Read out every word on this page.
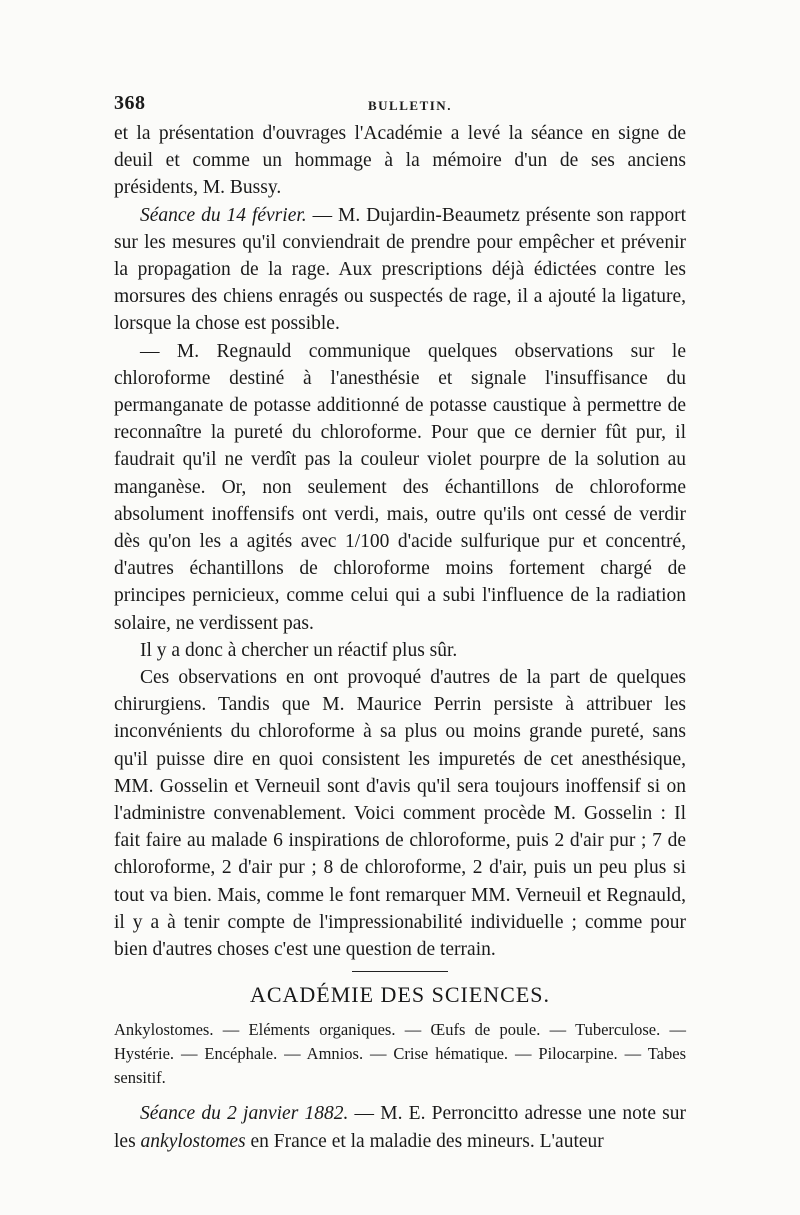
368	BULLETIN.

et la présentation d'ouvrages l'Académie a levé la séance en signe de deuil et comme un hommage à la mémoire d'un de ses anciens présidents, M. Bussy.

Séance du 14 février. — M. Dujardin-Beaumetz présente son rapport sur les mesures qu'il conviendrait de prendre pour empêcher et prévenir la propagation de la rage. Aux prescriptions déjà édictées contre les morsures des chiens enragés ou suspectés de rage, il a ajouté la ligature, lorsque la chose est possible.

— M. Regnauld communique quelques observations sur le chloroforme destiné à l'anesthésie et signale l'insuffisance du permanganate de potasse additionné de potasse caustique à permettre de reconnaître la pureté du chloroforme. Pour que ce dernier fût pur, il faudrait qu'il ne verdît pas la couleur violet pourpre de la solution au manganèse. Or, non seulement des échantillons de chloroforme absolument inoffensifs ont verdi, mais, outre qu'ils ont cessé de verdir dès qu'on les a agités avec 1/100 d'acide sulfurique pur et concentré, d'autres échantillons de chloroforme moins fortement chargé de principes pernicieux, comme celui qui a subi l'influence de la radiation solaire, ne verdissent pas.

Il y a donc à chercher un réactif plus sûr.

Ces observations en ont provoqué d'autres de la part de quelques chirurgiens. Tandis que M. Maurice Perrin persiste à attribuer les inconvénients du chloroforme à sa plus ou moins grande pureté, sans qu'il puisse dire en quoi consistent les impuretés de cet anesthésique, MM. Gosselin et Verneuil sont d'avis qu'il sera toujours inoffensif si on l'administre convenablement. Voici comment procède M. Gosselin : Il fait faire au malade 6 inspirations de chloroforme, puis 2 d'air pur ; 7 de chloroforme, 2 d'air pur ; 8 de chloroforme, 2 d'air, puis un peu plus si tout va bien. Mais, comme le font remarquer MM. Verneuil et Regnauld, il y a à tenir compte de l'impressionabilité individuelle ; comme pour bien d'autres choses c'est une question de terrain.

ACADÉMIE DES SCIENCES.

Ankylostomes. — Eléments organiques. — Œufs de poule. — Tuberculose. — Hystérie. — Encéphale. — Amnios. — Crise hématique. — Pilocarpine. — Tabes sensitif.

Séance du 2 janvier 1882. — M. E. Perroncitto adresse une note sur les ankylostomes en France et la maladie des mineurs. L'auteur
